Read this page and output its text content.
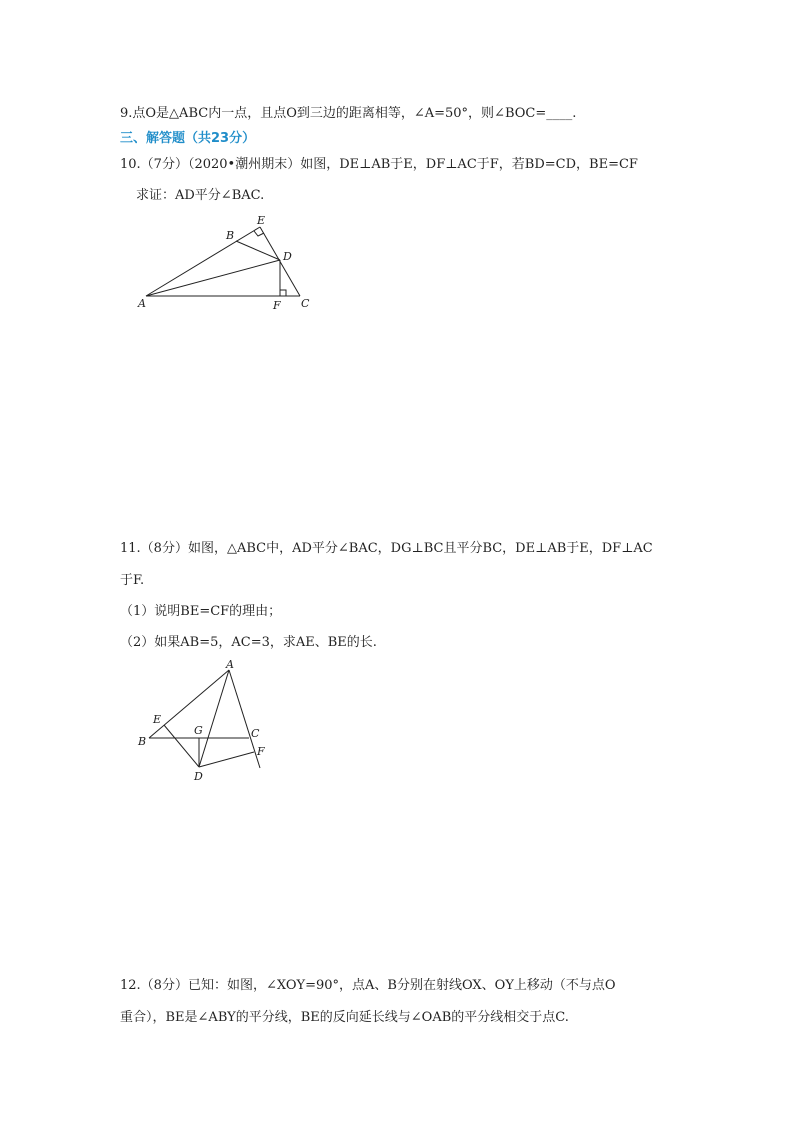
9.点O是△ABC内一点，且点O到三边的距离相等，∠A=50°，则∠BOC=____.
三、解答题（共23分）
10.（7分）（2020•潮州期末）如图，DE⊥AB于E，DF⊥AC于F，若BD=CD，BE=CF
求证：AD平分∠BAC.
A
B
E
D
F C
11.（8分）如图，△ABC中，AD平分∠BAC，DG⊥BC且平分BC，DE⊥AB于E，DF⊥AC
于F.
（1）说明BE=CF的理由；
（2）如果AB=5，AC=3，求AE、BE的长.
A
E
B
G	C
F
D
12.（8分）已知：如图，∠XOY=90°，点A、B分别在射线OX、OY上移动（不与点O
重合），BE是∠ABY的平分线，BE的反向延长线与∠OAB的平分线相交于点C.
